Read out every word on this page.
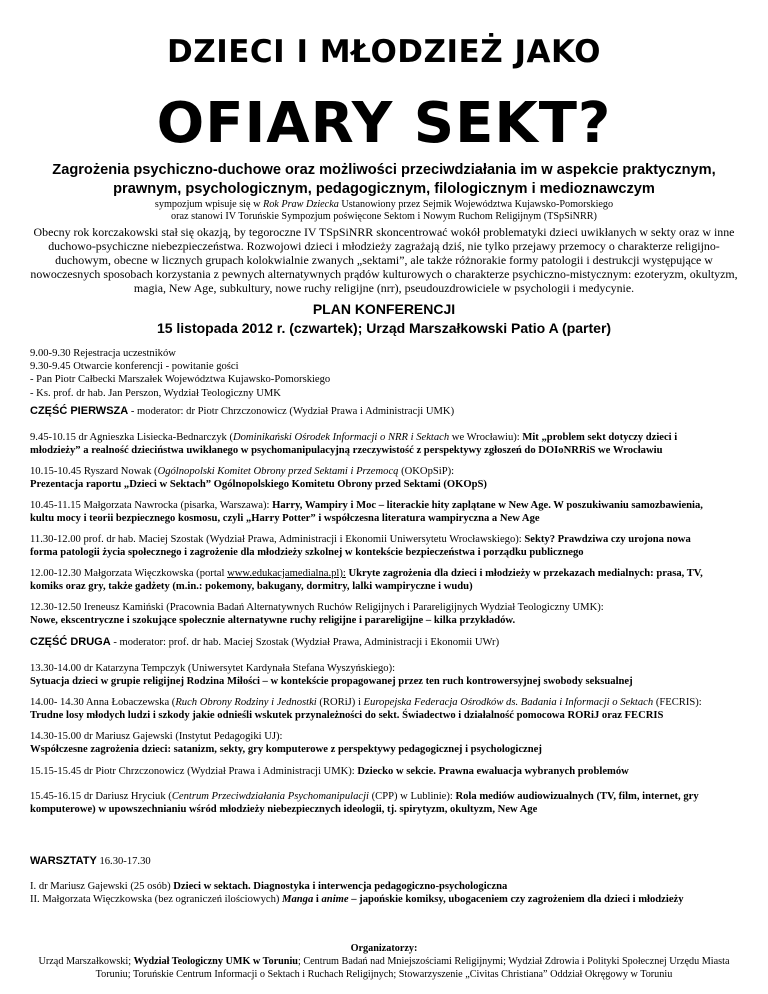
DZIECI I MŁODZIEŻ JAKO
OFIARY SEKT?
Zagrożenia psychiczno-duchowe oraz możliwości przeciwdziałania im w aspekcie praktycznym,
prawnym, psychologicznym, pedagogicznym, filologicznym i medioznawczym
sympozjum wpisuje się w Rok Praw Dziecka Ustanowiony przez Sejmik Województwa Kujawsko-Pomorskiego
oraz stanowi IV Toruńskie Sympozjum poświęcone Sektom i Nowym Ruchom Religijnym (TSpSiNRR)
Obecny rok korczakowski stał się okazją, by tegoroczne IV TSpSiNRR skoncentrować wokół problematyki dzieci uwikłanych w sekty oraz w inne duchowo-psychiczne niebezpieczeństwa. Rozwojowi dzieci i młodzieży zagrażają dziś, nie tylko przejawy przemocy o charakterze religijno-duchowym, obecne w licznych grupach kolokwialnie zwanych „sektami”, ale także różnorakie formy patologii i destrukcji występujące w nowoczesnych sposobach korzystania z pewnych alternatywnych prądów kulturowych o charakterze psychiczno-mistycznym: ezoteryzm, okultyzm, magia, New Age, subkultury, nowe ruchy religijne (nrr), pseudouzdrowiciele w psychologii i medycynie.
PLAN KONFERENCJI
15 listopada 2012 r. (czwartek); Urząd Marszałkowski Patio A (parter)
9.00-9.30 Rejestracja uczestników
9.30-9.45 Otwarcie konferencji - powitanie gości
- Pan Piotr Całbecki Marszałek Województwa Kujawsko-Pomorskiego
- Ks. prof. dr hab. Jan Perszon, Wydział Teologiczny UMK
CZĘŚĆ PIERWSZA - moderator: dr Piotr Chrzczonowicz (Wydział Prawa i Administracji UMK)
9.45-10.15 dr Agnieszka Lisiecka-Bednarczyk (Dominikański Ośrodek Informacji o NRR i Sektach we Wrocławiu): Mit „problem sekt dotyczy dzieci i
młodzieży” a realność dzieciństwa uwikłanego w psychomanipulacyjną rzeczywistość z perspektywy zgłoszeń do DOIoNRRiS we Wrocławiu
10.15-10.45 Ryszard Nowak (Ogólnopolski Komitet Obrony przed Sektami i Przemocą (OKOpSiP):
Prezentacja raportu „Dzieci w Sektach” Ogólnopolskiego Komitetu Obrony przed Sektami (OKOpS)
10.45-11.15 Małgorzata Nawrocka (pisarka, Warszawa): Harry, Wampiry i Moc – literackie hity zaplątane w New Age. W poszukiwaniu samozbawienia,
kultu mocy i teorii bezpiecznego kosmosu, czyli „Harry Potter” i współczesna literatura wampiryczna a New Age
11.30-12.00 prof. dr hab. Maciej Szostak (Wydział Prawa, Administracji i Ekonomii Uniwersytetu Wrocławskiego): Sekty? Prawdziwa czy urojona nowa
forma patologii życia społecznego i zagrożenie dla młodzieży szkolnej w kontekście bezpieczeństwa i porządku publicznego
12.00-12.30 Małgorzata Więczkowska (portal www.edukacjamedialna.pl): Ukryte zagrożenia dla dzieci i młodzieży w przekazach medialnych: prasa, TV,
komiks oraz gry, także gadżety (m.in.: pokemony, bakugany, dormitry, lalki wampiryczne i wudu)
12.30-12.50 Ireneusz Kamiński (Pracownia Badań Alternatywnych Ruchów Religijnych i Parareligijnych Wydział Teologiczny UMK):
Nowe, ekscentryczne i szokujące społecznie alternatywne ruchy religijne i parareligijne – kilka przykładów.
CZĘŚĆ DRUGA - moderator: prof. dr hab. Maciej Szostak (Wydział Prawa, Administracji i Ekonomii UWr)
13.30-14.00 dr Katarzyna Tempczyk (Uniwersytet Kardynała Stefana Wyszyńskiego):
Sytuacja dzieci w grupie religijnej Rodzina Miłości – w kontekście propagowanej przez ten ruch kontrowersyjnej swobody seksualnej
14.00- 14.30 Anna Łobaczewska (Ruch Obrony Rodziny i Jednostki (RORiJ) i Europejska Federacja Ośrodków ds. Badania i Informacji o Sektach (FECRIS):
Trudne losy młodych ludzi i szkody jakie odnieśli wskutek przynależności do sekt. Świadectwo i działalność pomocowa RORiJ oraz FECRIS
14.30-15.00 dr Mariusz Gajewski (Instytut Pedagogiki UJ):
Współczesne zagrożenia dzieci: satanizm, sekty, gry komputerowe z perspektywy pedagogicznej i psychologicznej
15.15-15.45 dr Piotr Chrzczonowicz (Wydział Prawa i Administracji UMK): Dziecko w sekcie. Prawna ewaluacja wybranych problemów
15.45-16.15 dr Dariusz Hryciuk (Centrum Przeciwdziałania Psychomanipulacji (CPP) w Lublinie): Rola mediów audiowizualnych (TV, film, internet, gry
komputerowe) w upowszechnianiu wśród młodzieży niebezpiecznych ideologii, tj. spirytyzm, okultyzm, New Age
WARSZTATY 16.30-17.30
I. dr Mariusz Gajewski (25 osób) Dzieci w sektach. Diagnostyka i interwencja pedagogiczno-psychologiczna
II. Małgorzata Więczkowska (bez ograniczeń ilościowych) Manga i anime – japońskie komiksy, ubogaceniem czy zagrożeniem dla dzieci i młodzieży
Organizatorzy:
Urząd Marszałkowski; Wydział Teologiczny UMK w Toruniu; Centrum Badań nad Mniejszościami Religijnymi; Wydział Zdrowia i Polityki Społecznej Urzędu Miasta
Toruniu; Toruńskie Centrum Informacji o Sektach i Ruchach Religijnych; Stowarzyszenie „Civitas Christiana” Oddział Okręgowy w Toruniu
